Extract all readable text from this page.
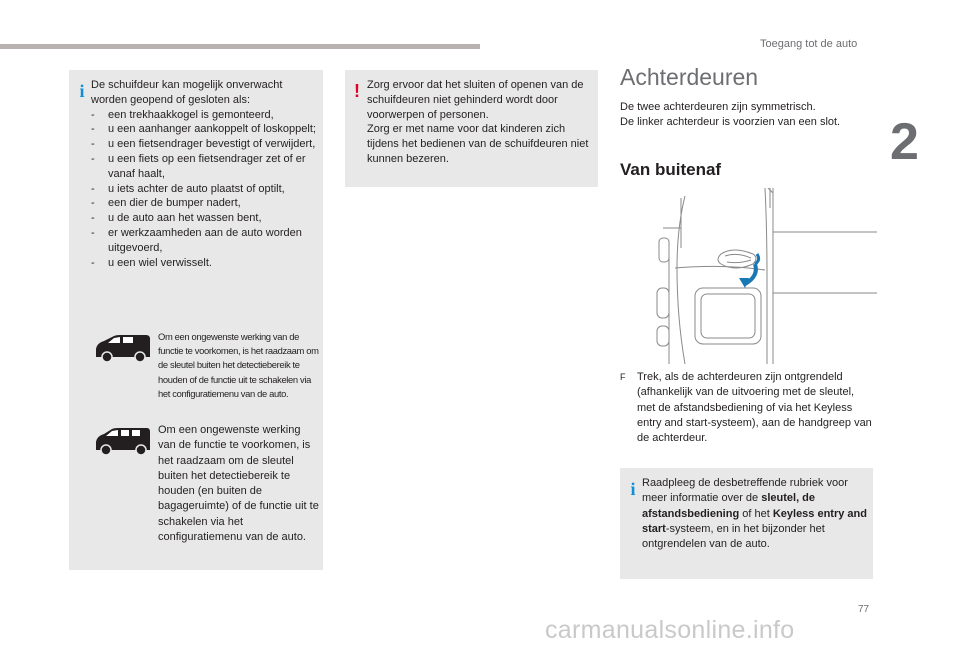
Toegang tot de auto
2
i De schuifdeur kan mogelijk onverwacht worden geopend of gesloten als:

- een trekhaakkogel is gemonteerd,
- u een aanhanger aankoppelt of loskoppelt;
- u een fietsendrager bevestigt of verwijdert,
- u een fiets op een fietsendrager zet of er vanaf haalt,
- u iets achter de auto plaatst of optilt,
- een dier de bumper nadert,
- u de auto aan het wassen bent,
- er werkzaamheden aan de auto worden uitgevoerd,
- u een wiel verwisselt.
Om een ongewenste werking van de functie te voorkomen, is het raadzaam om de sleutel buiten het detectiebereik te houden of de functie uit te schakelen via het configuratiemenu van de auto.
Om een ongewenste werking van de functie te voorkomen, is het raadzaam om de sleutel buiten het detectiebereik te houden (en buiten de bagageruimte) of de functie uit te schakelen via het configuratiemenu van de auto.
! Zorg ervoor dat het sluiten of openen van de schuifdeuren niet gehinderd wordt door voorwerpen of personen.

Zorg er met name voor dat kinderen zich tijdens het bedienen van de schuifdeuren niet kunnen bezeren.

Achterdeuren

De twee achterdeuren zijn symmetrisch.

De linker achterdeur is voorzien van een slot.

Van buitenaf
F Trek, als de achterdeuren zijn ontgrendeld (afhankelijk van de uitvoering met de sleutel, met de afstandsbediening of via het Keyless entry and start-systeem), aan de handgreep van de achterdeur.
i Raadpleeg de desbetreffende rubriek voor meer informatie over de sleutel, de afstandsbediening of het Keyless entry and start-systeem, en in het bijzonder het ontgrendelen van de auto.
77
carmanualsonline.info
